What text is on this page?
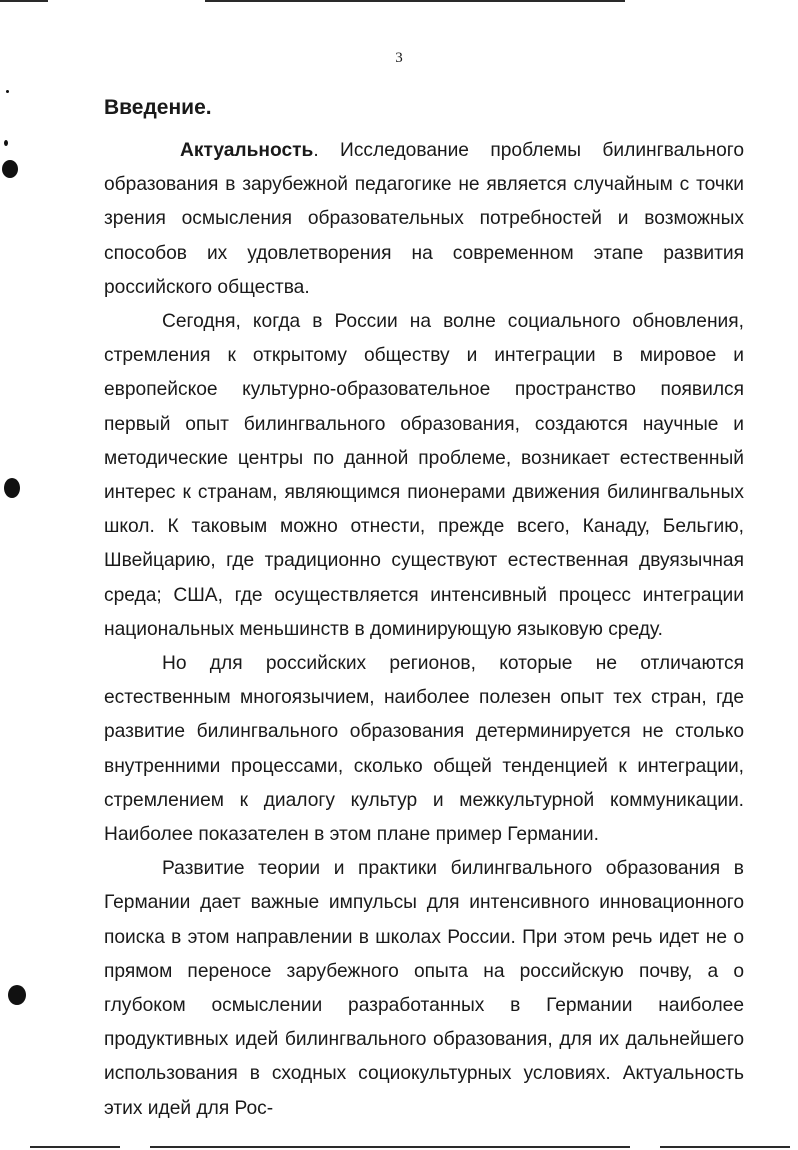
3
Введение.

Актуальность. Исследование проблемы билингвального образования в зарубежной педагогике не является случайным с точки зрения осмысления образовательных потребностей и возможных способов их удовлетворения на современном этапе развития российского общества.

Сегодня, когда в России на волне социального обновления, стремления к открытому обществу и интеграции в мировое и европейское культурно-образовательное пространство появился первый опыт билингвального образования, создаются научные и методические центры по данной проблеме, возникает естественный интерес к странам, являющимся пионерами движения билингвальных школ. К таковым можно отнести, прежде всего, Канаду, Бельгию, Швейцарию, где традиционно существуют естественная двуязычная среда; США, где осуществляется интенсивный процесс интеграции национальных меньшинств в доминирующую языковую среду.

Но для российских регионов, которые не отличаются естественным многоязычием, наиболее полезен опыт тех стран, где развитие билингвального образования детерминируется не столько внутренними процессами, сколько общей тенденцией к интеграции, стремлением к диалогу культур и межкультурной коммуникации. Наиболее показателен в этом плане пример Германии.

Развитие теории и практики билингвального образования в Германии дает важные импульсы для интенсивного инновационного поиска в этом направлении в школах России. При этом речь идет не о прямом переносе зарубежного опыта на российскую почву, а о глубоком осмыслении разработанных в Германии наиболее продуктивных идей билингвального образования, для их дальнейшего использования в сходных социокультурных условиях. Актуальность этих идей для Рос-
